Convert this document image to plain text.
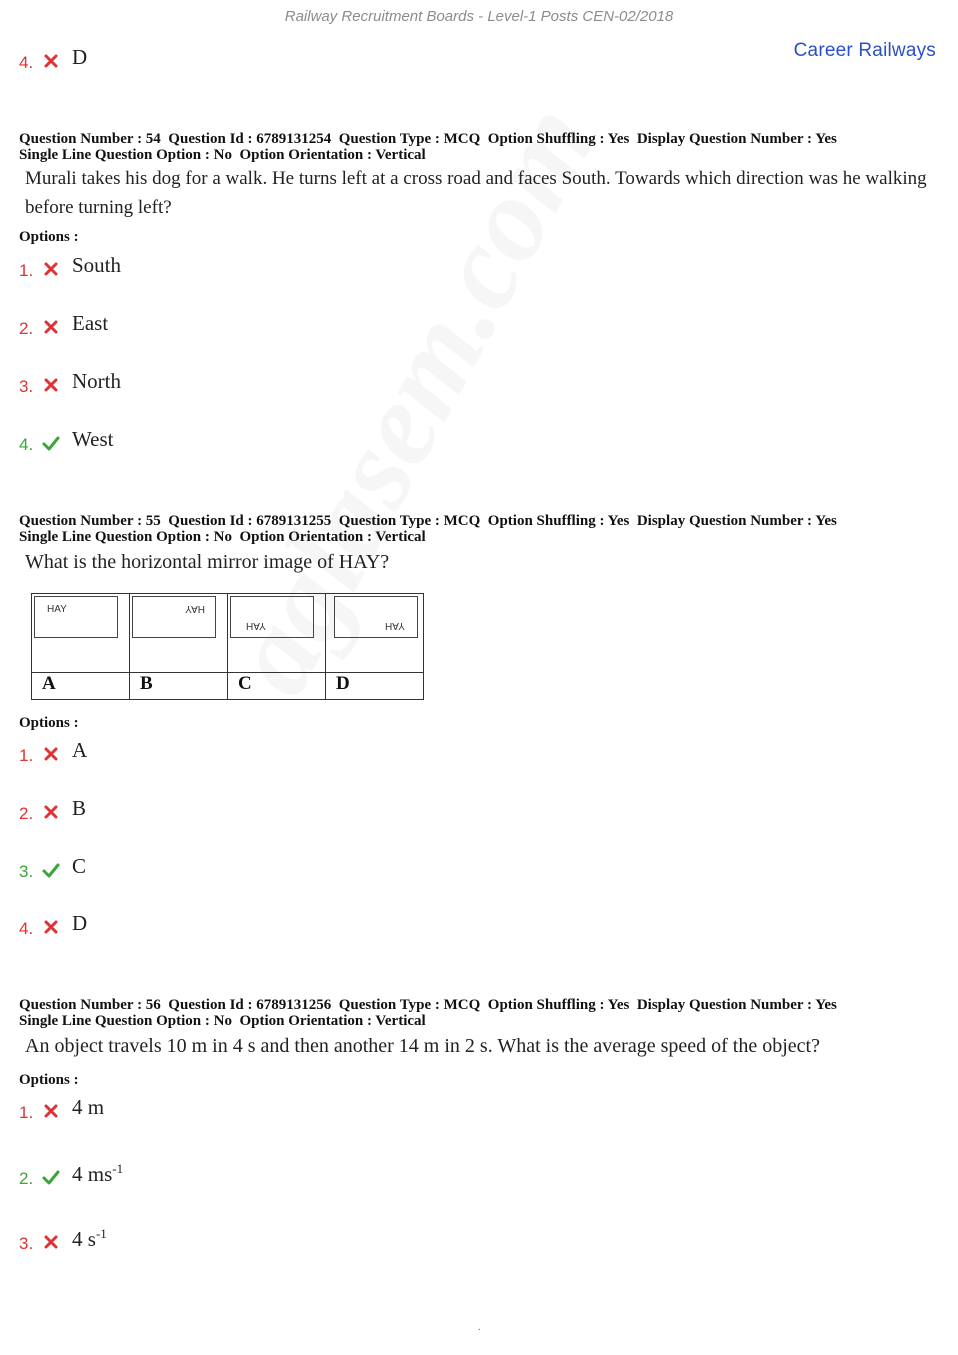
Railway Recruitment Boards - Level-1 Posts CEN-02/2018
Career Railways
4. D
Question Number : 54  Question Id : 6789131254  Question Type : MCQ  Option Shuffling : Yes  Display Question Number : Yes
Single Line Question Option : No  Option Orientation : Vertical
Murali takes his dog for a walk. He turns left at a cross road and faces South. Towards which direction was he walking
before turning left?
Options :
1. South
2. East
3. North
4. West
Question Number : 55  Question Id : 6789131255  Question Type : MCQ  Option Shuffling : Yes  Display Question Number : Yes
Single Line Question Option : No  Option Orientation : Vertical
What is the horizontal mirror image of HAY?
HAY	YAH	HAY	YAH

A	B	C	D
Options :
1. A
2. B
3. C
4. D
Question Number : 56  Question Id : 6789131256  Question Type : MCQ  Option Shuffling : Yes  Display Question Number : Yes
Single Line Question Option : No  Option Orientation : Vertical
An object travels 10 m in 4 s and then another 14 m in 2 s. What is the average speed of the object?
Options :
1. 4 m
2. 4 $ms^{-1}$
3. 4 $s^{-1}$
.
